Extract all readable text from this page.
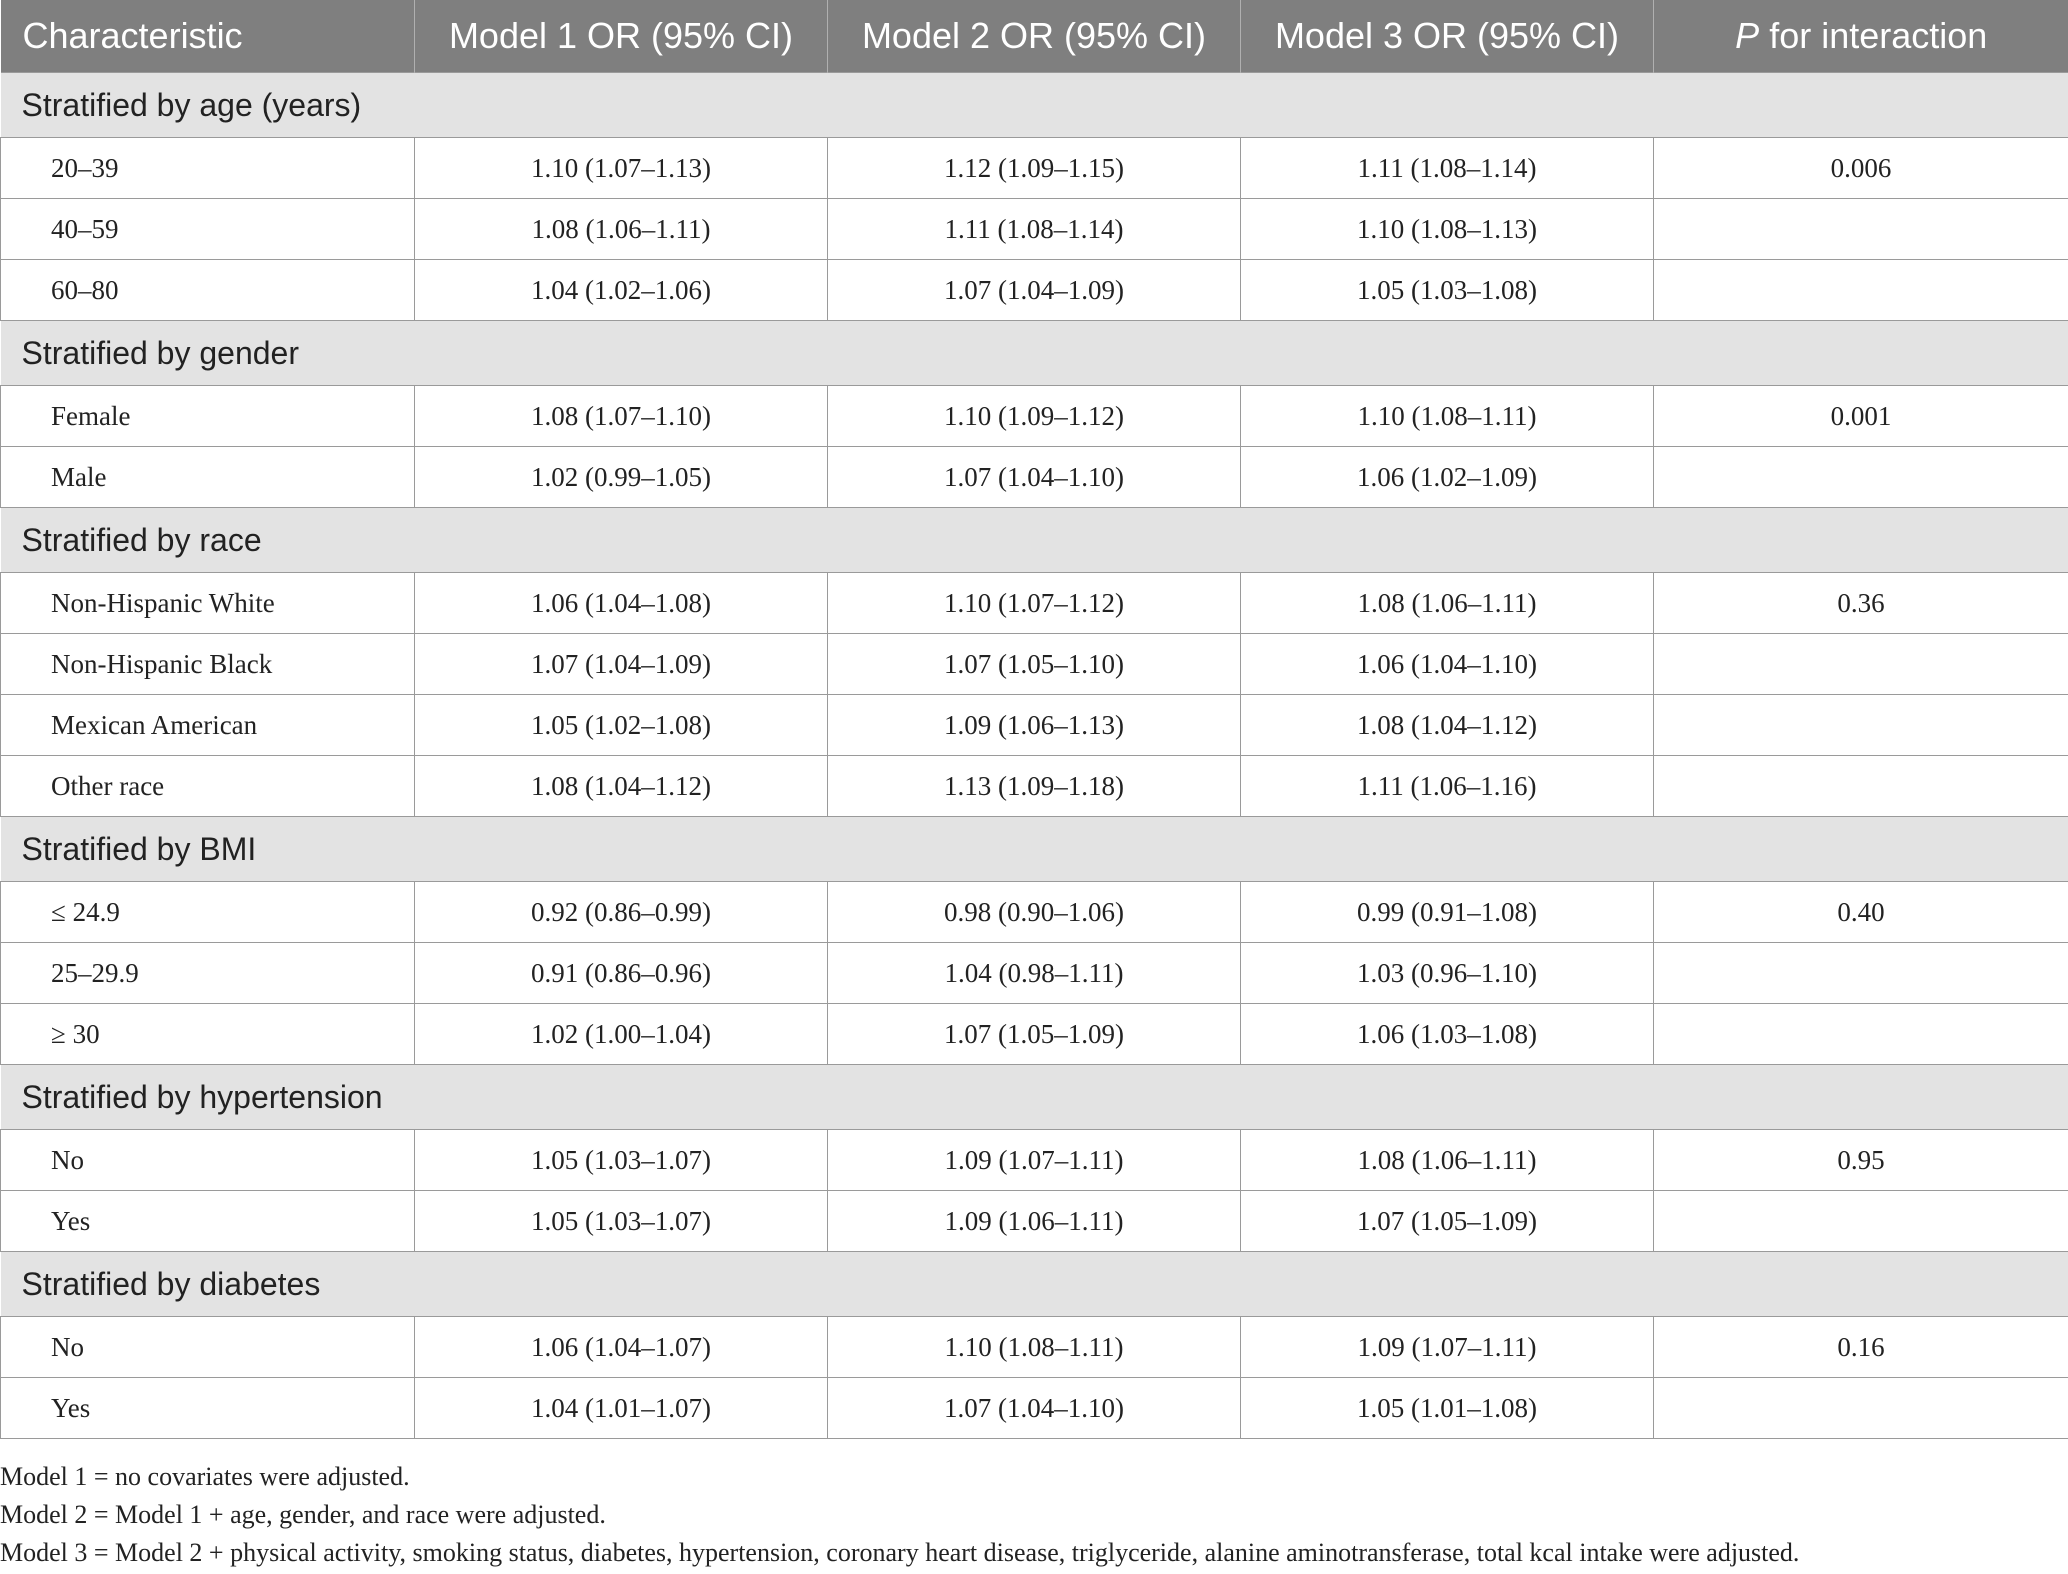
Characteristic	Model 1 OR (95% CI)	Model 2 OR (95% CI)	Model 3 OR (95% CI)	P for interaction
Stratified by age (years)				
20–39	1.10 (1.07–1.13)	1.12 (1.09–1.15)	1.11 (1.08–1.14)	0.006
40–59	1.08 (1.06–1.11)	1.11 (1.08–1.14)	1.10 (1.08–1.13)	
60–80	1.04 (1.02–1.06)	1.07 (1.04–1.09)	1.05 (1.03–1.08)	
Stratified by gender				
Female	1.08 (1.07–1.10)	1.10 (1.09–1.12)	1.10 (1.08–1.11)	0.001
Male	1.02 (0.99–1.05)	1.07 (1.04–1.10)	1.06 (1.02–1.09)	
Stratified by race				
Non-Hispanic White	1.06 (1.04–1.08)	1.10 (1.07–1.12)	1.08 (1.06–1.11)	0.36
Non-Hispanic Black	1.07 (1.04–1.09)	1.07 (1.05–1.10)	1.06 (1.04–1.10)	
Mexican American	1.05 (1.02–1.08)	1.09 (1.06–1.13)	1.08 (1.04–1.12)	
Other race	1.08 (1.04–1.12)	1.13 (1.09–1.18)	1.11 (1.06–1.16)	
Stratified by BMI				
≤ 24.9	0.92 (0.86–0.99)	0.98 (0.90–1.06)	0.99 (0.91–1.08)	0.40
25–29.9	0.91 (0.86–0.96)	1.04 (0.98–1.11)	1.03 (0.96–1.10)	
≥ 30	1.02 (1.00–1.04)	1.07 (1.05–1.09)	1.06 (1.03–1.08)	
Stratified by hypertension				
No	1.05 (1.03–1.07)	1.09 (1.07–1.11)	1.08 (1.06–1.11)	0.95
Yes	1.05 (1.03–1.07)	1.09 (1.06–1.11)	1.07 (1.05–1.09)	
Stratified by diabetes				
No	1.06 (1.04–1.07)	1.10 (1.08–1.11)	1.09 (1.07–1.11)	0.16
Yes	1.04 (1.01–1.07)	1.07 (1.04–1.10)	1.05 (1.01–1.08)	
Model 1 = no covariates were adjusted.
Model 2 = Model 1 + age, gender, and race were adjusted.
Model 3 = Model 2 + physical activity, smoking status, diabetes, hypertension, coronary heart disease, triglyceride, alanine aminotransferase, total kcal intake were adjusted.
